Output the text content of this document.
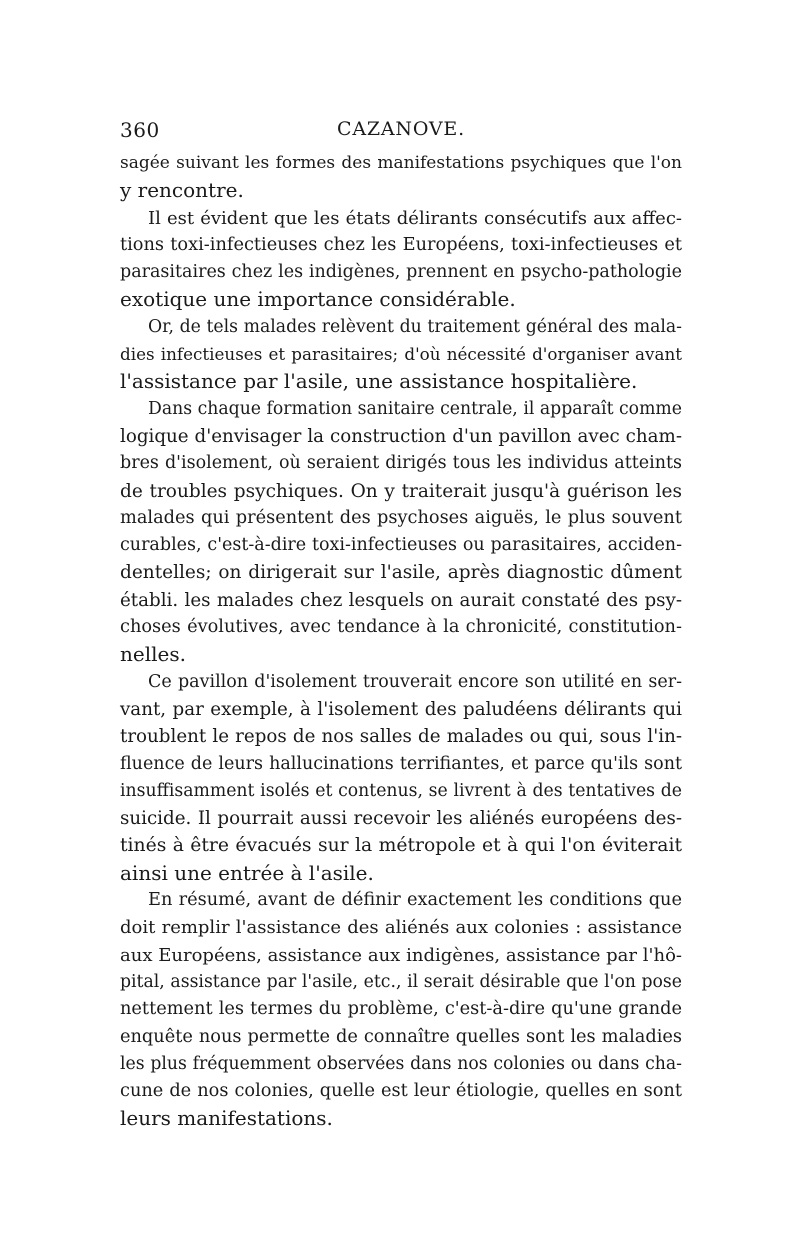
360	CAZANOVE.
sagée suivant les formes des manifestations psychiques que l'on
y rencontre.
Il est évident que les états délirants consécutifs aux affec-
tions toxi-infectieuses chez les Européens, toxi-infectieuses et
parasitaires chez les indigènes, prennent en psycho-pathologie
exotique une importance considérable.
Or, de tels malades relèvent du traitement général des mala-
dies infectieuses et parasitaires; d'où nécessité d'organiser avant
l'assistance par l'asile, une assistance hospitalière.
Dans chaque formation sanitaire centrale, il apparaît comme
logique d'envisager la construction d'un pavillon avec cham-
bres d'isolement, où seraient dirigés tous les individus atteints
de troubles psychiques. On y traiterait jusqu'à guérison les
malades qui présentent des psychoses aiguës, le plus souvent
curables, c'est-à-dire toxi-infectieuses ou parasitaires, acciden-
dentelles; on dirigerait sur l'asile, après diagnostic dûment
établi. les malades chez lesquels on aurait constaté des psy-
choses évolutives, avec tendance à la chronicité, constitution-
nelles.
Ce pavillon d'isolement trouverait encore son utilité en ser-
vant, par exemple, à l'isolement des paludéens délirants qui
troublent le repos de nos salles de malades ou qui, sous l'in-
fluence de leurs hallucinations terrifiantes, et parce qu'ils sont
insuffisamment isolés et contenus, se livrent à des tentatives de
suicide. Il pourrait aussi recevoir les aliénés européens des-
tinés à être évacués sur la métropole et à qui l'on éviterait
ainsi une entrée à l'asile.
En résumé, avant de définir exactement les conditions que
doit remplir l'assistance des aliénés aux colonies : assistance
aux Européens, assistance aux indigènes, assistance par l'hô-
pital, assistance par l'asile, etc., il serait désirable que l'on pose
nettement les termes du problème, c'est-à-dire qu'une grande
enquête nous permette de connaître quelles sont les maladies
les plus fréquemment observées dans nos colonies ou dans cha-
cune de nos colonies, quelle est leur étiologie, quelles en sont
leurs manifestations.
